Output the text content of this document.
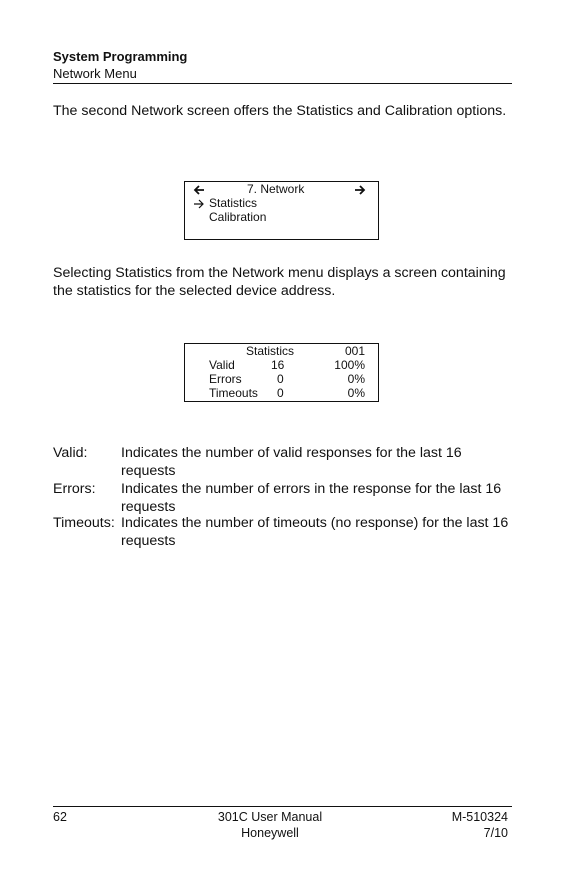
System Programming
Network Menu
The second Network screen offers the Statistics and Calibration options.
7. Network
Statistics
Calibration
Selecting Statistics from the Network menu displays a screen containing the statistics for the selected device address.
Statistics	001
Valid	16	100%
Errors	0	0%
Timeouts 0	0%
Valid: Indicates the number of valid responses for the last 16 requests
Errors: Indicates the number of errors in the response for the last 16 requests
Timeouts: Indicates the number of timeouts (no response) for the last 16 requests
62	301C User Manual
Honeywell
M-510324
7/10
